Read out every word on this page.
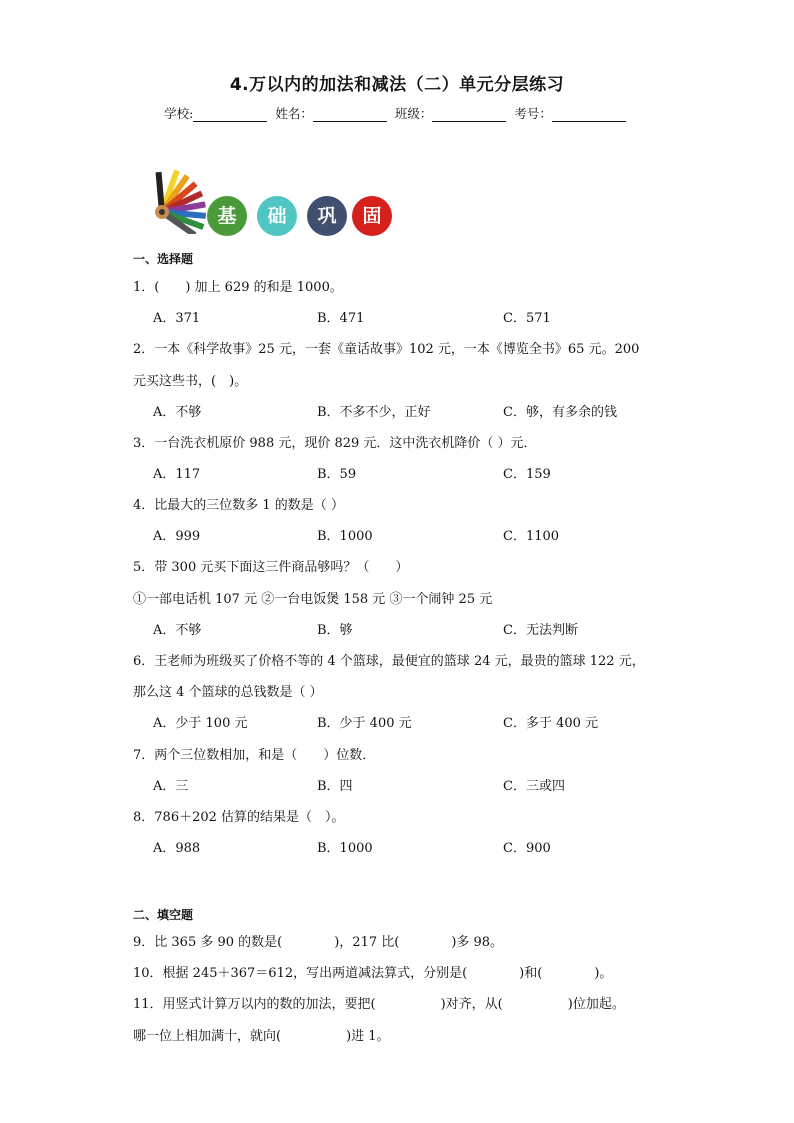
4.万以内的加法和减法（二）单元分层练习
学校:	姓名：	班级：	考号：
基	础	巩	固
一、选择题
1．(　　) 加上 629 的和是 1000。
A．371	B．471	C．571
2．一本《科学故事》25 元，一套《童话故事》102 元，一本《博览全书》65 元。200
元买这些书，(　)。
A．不够	B．不多不少，正好	C．够，有多余的钱
3．一台洗衣机原价 988 元，现价 829 元．这中洗衣机降价（ ）元．
A．117	B．59	C．159
4．比最大的三位数多 1 的数是（ ）
A．999	B．1000	C．1100
5．带 300 元买下面这三件商品够吗？（　　）
①一部电话机 107 元 ②一台电饭煲 158 元 ③一个闹钟 25 元
A．不够	B．够	C．无法判断
6．王老师为班级买了价格不等的 4 个篮球，最便宜的篮球 24 元，最贵的篮球 122 元，
那么这 4 个篮球的总钱数是（ ）
A．少于 100 元	B．少于 400 元	C．多于 400 元
7．两个三位数相加，和是（　　）位数．
A．三	B．四	C．三或四
8．786＋202 估算的结果是（　）。
A．988	B．1000	C．900
二、填空题
9．比 365 多 90 的数是(　　　　)，217 比(　　　　)多 98。
10．根据 245＋367＝612，写出两道减法算式，分别是(　　　　)和(　　　　)。
11．用竖式计算万以内的数的加法，要把(　　　　　)对齐，从(　　　　　)位加起。
哪一位上相加满十，就向(　　　　　)进 1。
